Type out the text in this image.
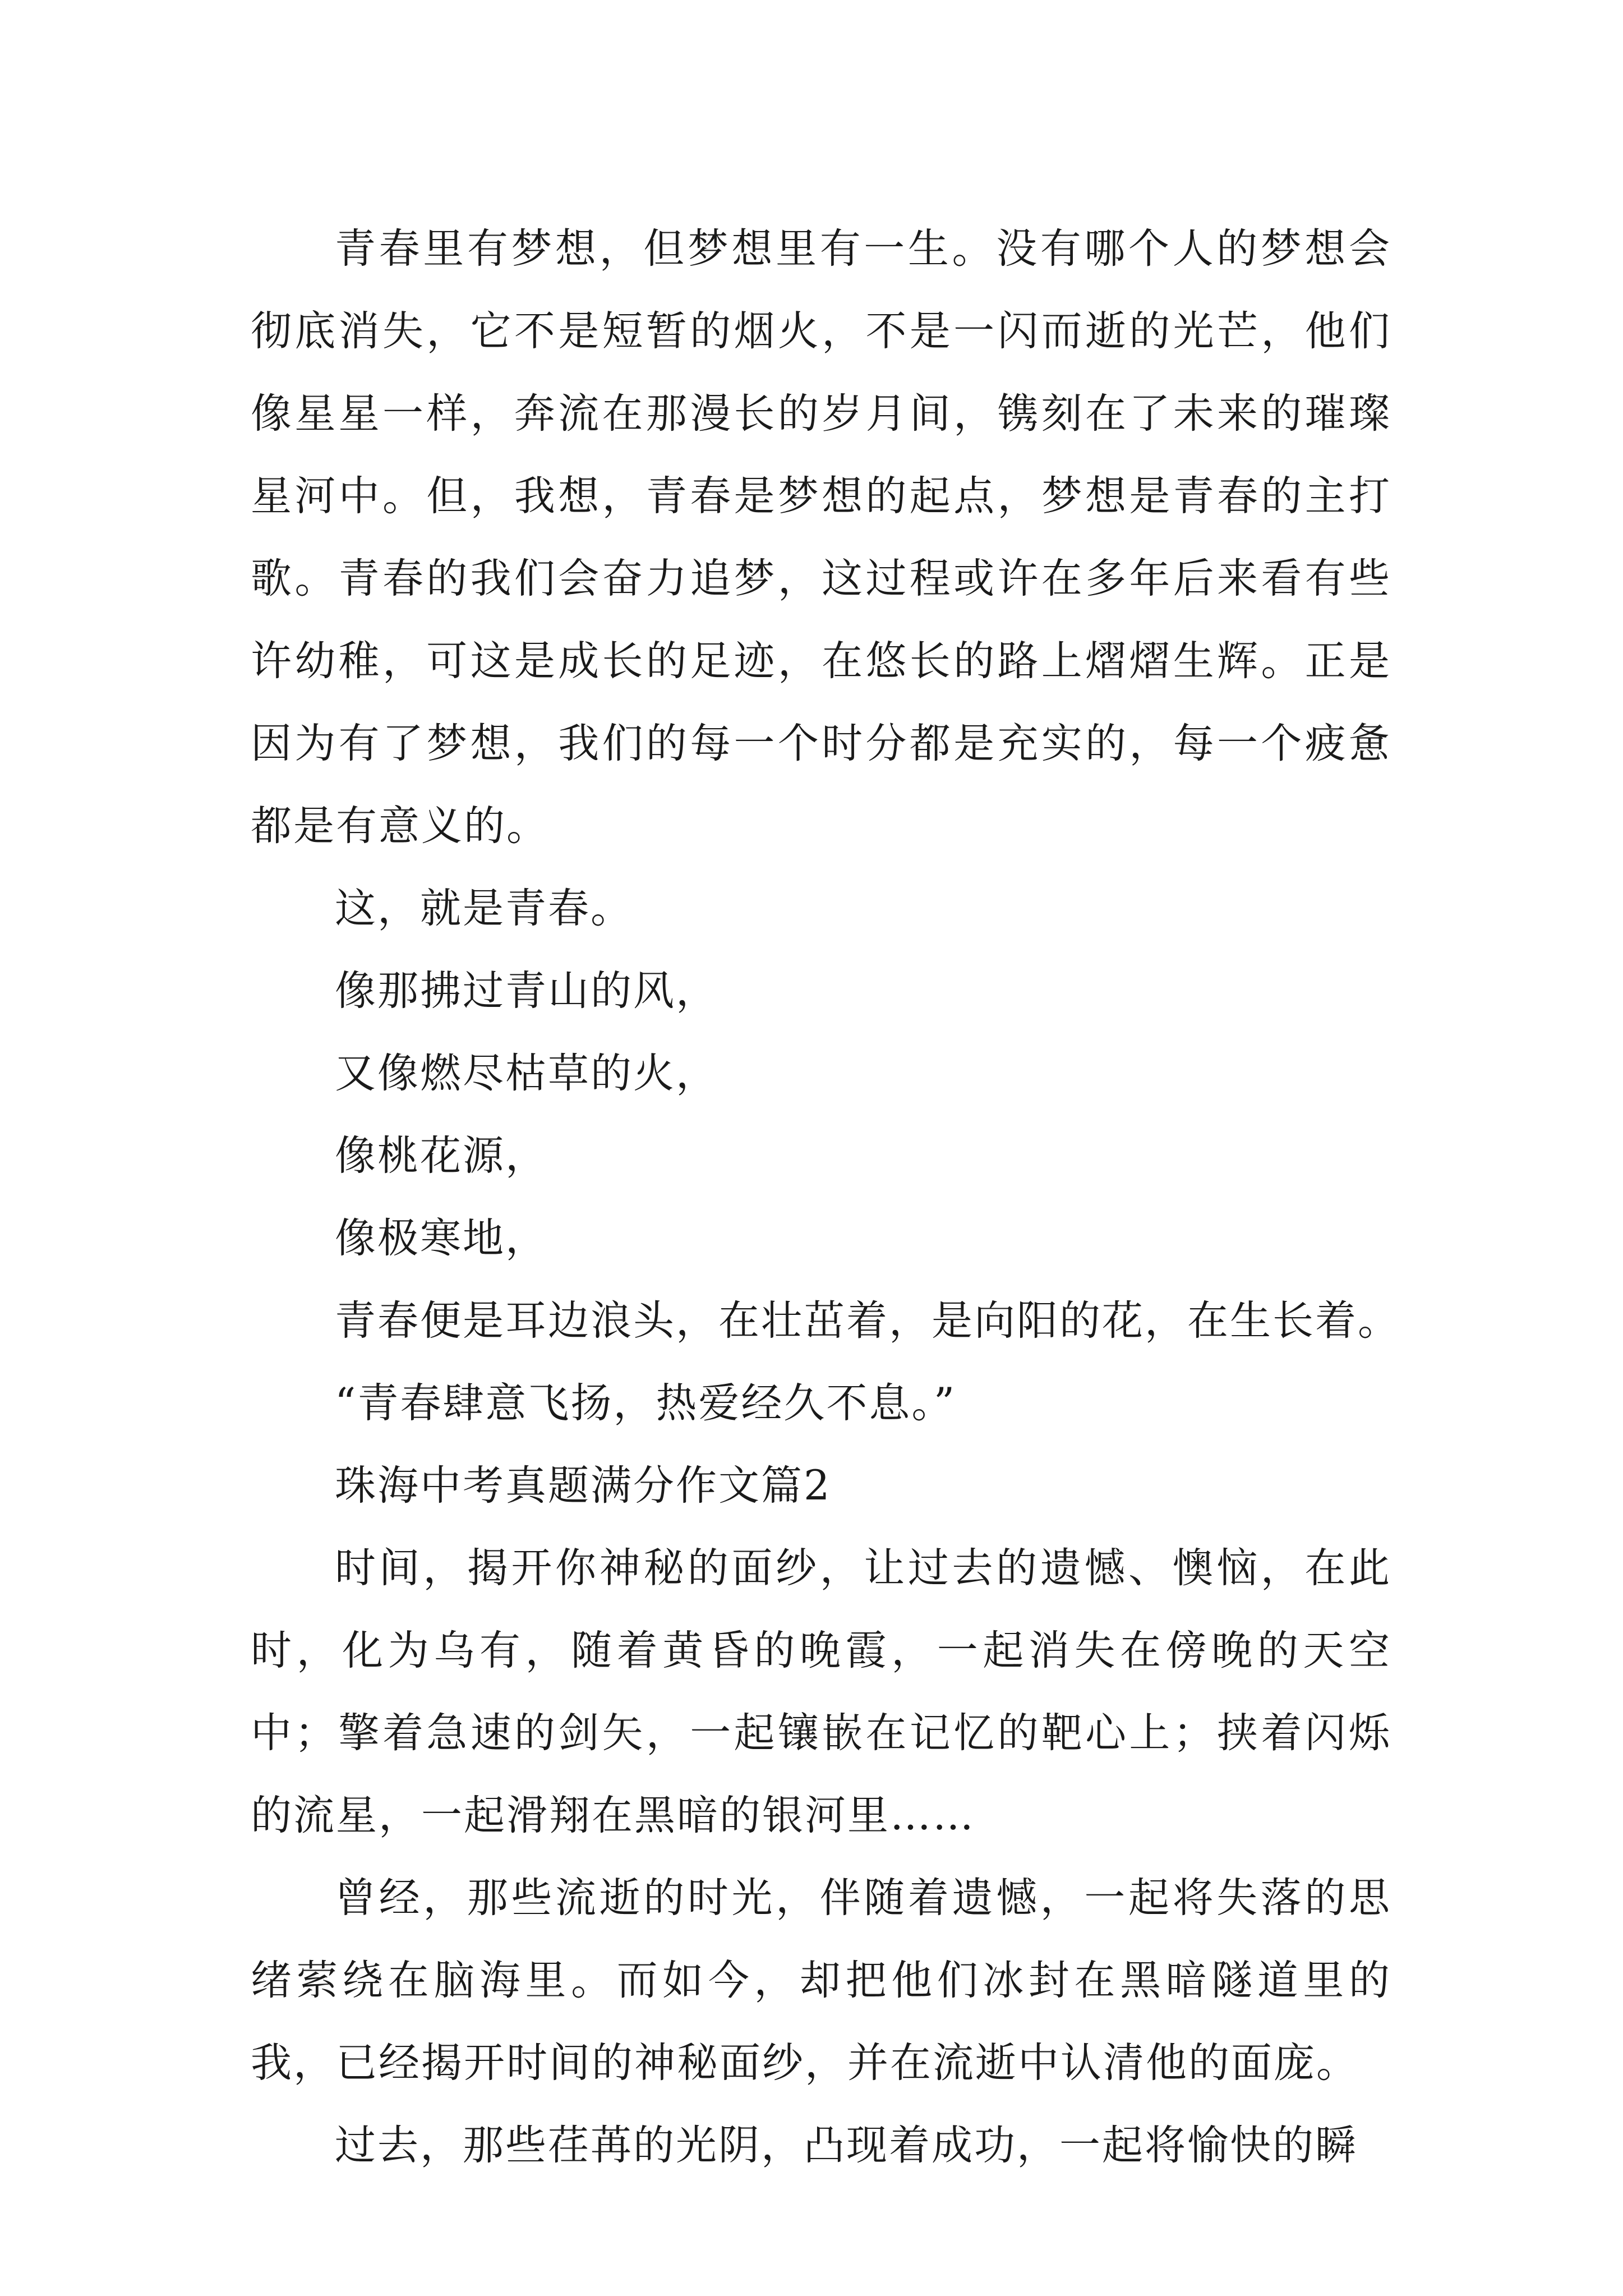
青春里有梦想，但梦想里有一生。没有哪个人的梦想会彻底消失，它不是短暂的烟火，不是一闪而逝的光芒，他们像星星一样，奔流在那漫长的岁月间，镌刻在了未来的璀璨星河中。但，我想，青春是梦想的起点，梦想是青春的主打歌。青春的我们会奋力追梦，这过程或许在多年后来看有些许幼稚，可这是成长的足迹，在悠长的路上熠熠生辉。正是因为有了梦想，我们的每一个时分都是充实的，每一个疲惫都是有意义的。

这，就是青春。

像那拂过青山的风，

又像燃尽枯草的火，

像桃花源，

像极寒地，

青春便是耳边浪头，在壮茁着，是向阳的花，在生长着。

“青春肆意飞扬，热爱经久不息。”

珠海中考真题满分作文篇2

时间，揭开你神秘的面纱，让过去的遗憾、懊恼，在此时，化为乌有，随着黄昏的晚霞，一起消失在傍晚的天空中；擎着急速的剑矢，一起镶嵌在记忆的靶心上；挟着闪烁的流星，一起滑翔在黑暗的银河里……

曾经，那些流逝的时光，伴随着遗憾，一起将失落的思绪萦绕在脑海里。而如今，却把他们冰封在黑暗隧道里的我，已经揭开时间的神秘面纱，并在流逝中认清他的面庞。

过去，那些荏苒的光阴，凸现着成功，一起将愉快的瞬
